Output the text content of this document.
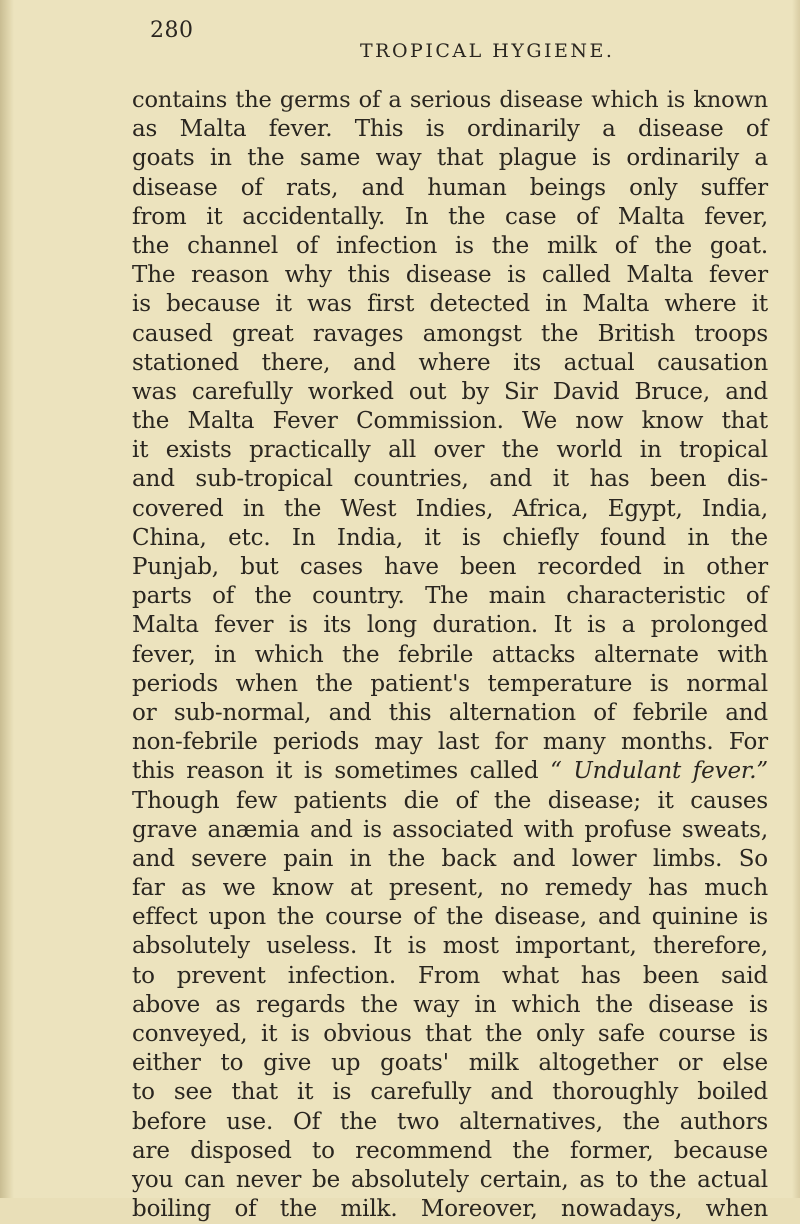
280
TROPICAL HYGIENE.
contains the germs of a serious disease which is known
as Malta fever. This is ordinarily a disease of
goats in the same way that plague is ordinarily a
disease of rats, and human beings only suffer
from it accidentally. In the case of Malta fever,
the channel of infection is the milk of the goat.
The reason why this disease is called Malta fever
is because it was first detected in Malta where it
caused great ravages amongst the British troops
stationed there, and where its actual causation
was carefully worked out by Sir David Bruce, and
the Malta Fever Commission. We now know that
it exists practically all over the world in tropical
and sub-tropical countries, and it has been dis-
covered in the West Indies, Africa, Egypt, India,
China, etc. In India, it is chiefly found in the
Punjab, but cases have been recorded in other
parts of the country. The main characteristic of
Malta fever is its long duration. It is a prolonged
fever, in which the febrile attacks alternate with
periods when the patient's temperature is normal
or sub-normal, and this alternation of febrile and
non-febrile periods may last for many months. For
this reason it is sometimes called “ Undulant fever.”
Though few patients die of the disease; it causes
grave anæmia and is associated with profuse sweats,
and severe pain in the back and lower limbs. So
far as we know at present, no remedy has much
effect upon the course of the disease, and quinine is
absolutely useless. It is most important, therefore,
to prevent infection. From what has been said
above as regards the way in which the disease is
conveyed, it is obvious that the only safe course is
either to give up goats' milk altogether or else
to see that it is carefully and thoroughly boiled
before use. Of the two alternatives, the authors
are disposed to recommend the former, because
you can never be absolutely certain, as to the actual
boiling of the milk. Moreover, nowadays, when
